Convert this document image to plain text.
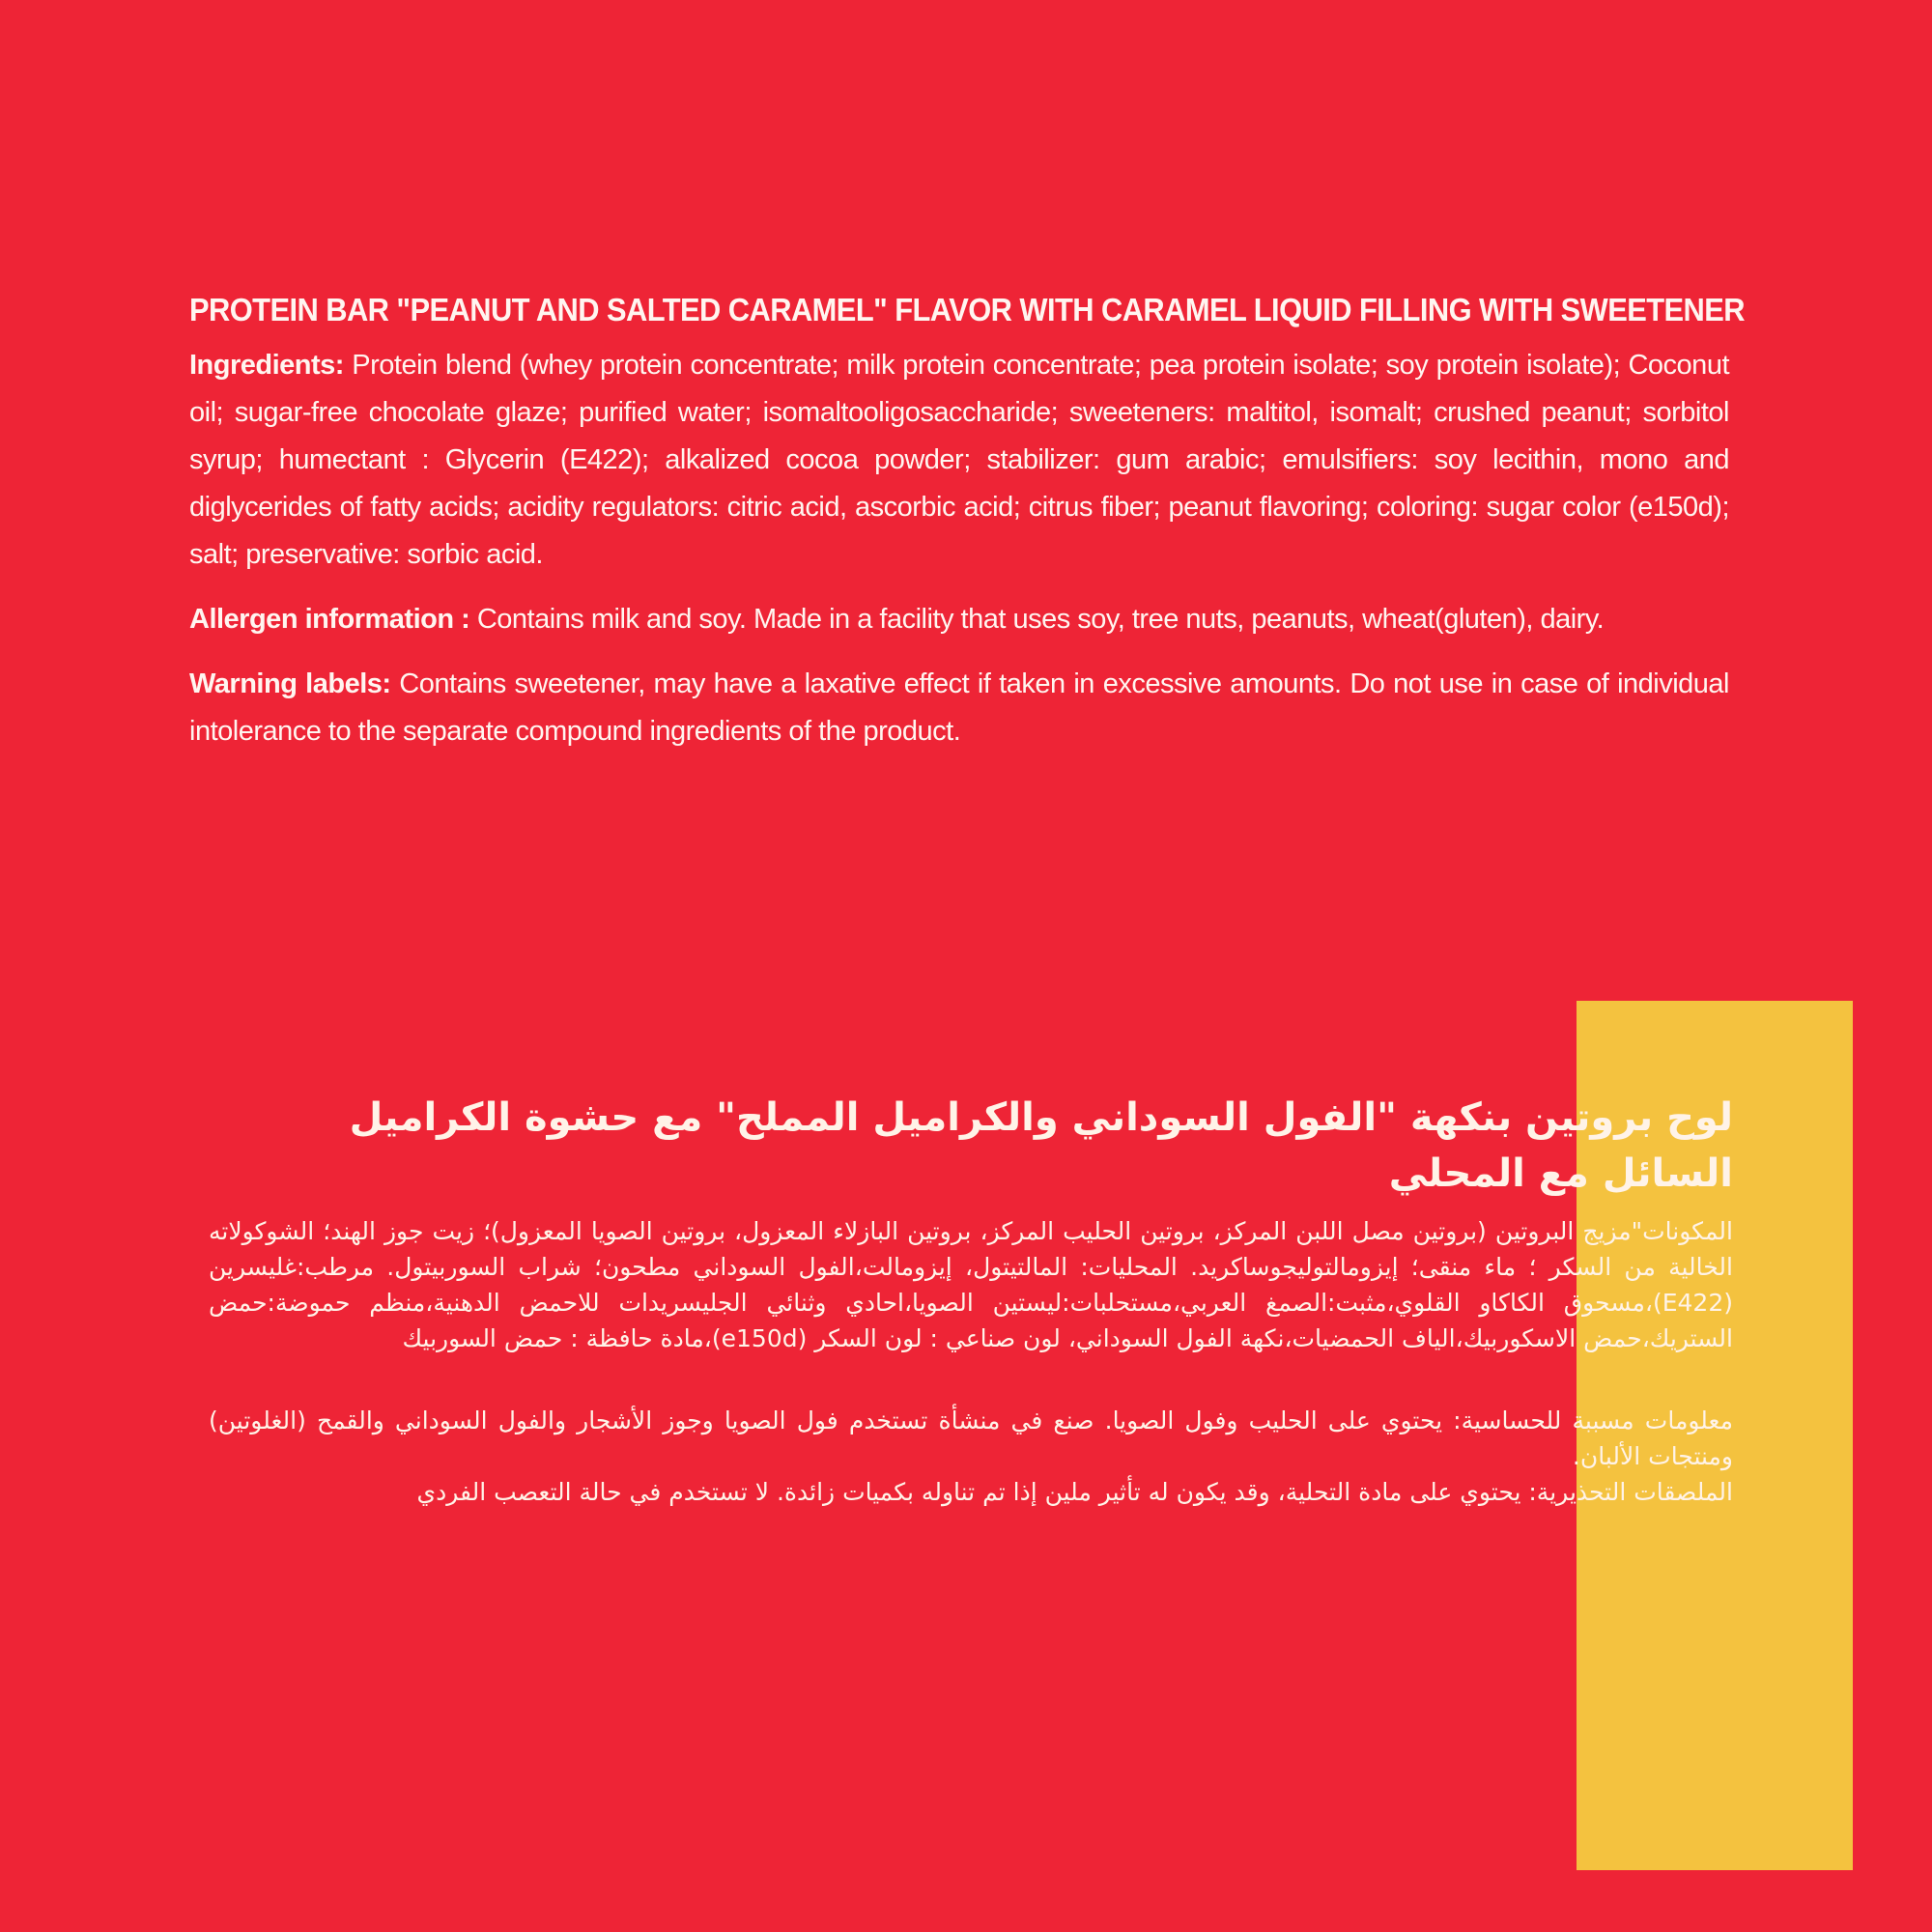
PROTEIN BAR "PEANUT AND SALTED CARAMEL" FLAVOR WITH CARAMEL LIQUID FILLING WITH SWEETENER

Ingredients: Protein blend (whey protein concentrate; milk protein concentrate; pea protein isolate; soy protein isolate); Coconut oil; sugar-free chocolate glaze; purified water; isomaltooligosaccharide; sweeteners: maltitol, isomalt; crushed peanut; sorbitol syrup; humectant : Glycerin (E422); alkalized cocoa powder; stabilizer: gum arabic; emulsifiers: soy lecithin, mono and diglycerides of fatty acids; acidity regulators: citric acid, ascorbic acid; citrus fiber; peanut flavoring; coloring: sugar color (e150d); salt; preservative: sorbic acid.

Allergen information : Contains milk and soy. Made in a facility that uses soy, tree nuts, peanuts, wheat(gluten), dairy.

Warning labels: Contains sweetener, may have a laxative effect if taken in excessive amounts. Do not use in case of individual intolerance to the separate compound ingredients of the product.

لوح بروتين بنكهة "الفول السوداني والكراميل المملح" مع حشوة الكراميل السائل مع المحلي

المكونات"مزيج البروتين (بروتين مصل اللبن المركز، بروتين الحليب المركز، بروتين البازلاء المعزول، بروتين الصويا المعزول)؛ زيت جوز الهند؛ الشوكولاته الخالية من السكر ؛ ماء منقى؛ إيزومالتوليجوساكريد. المحليات: المالتيتول، إيزومالت،الفول السوداني مطحون؛ شراب السوربيتول. مرطب:غليسرين (E422)،مسحوق الكاكاو القلوي،مثبت:الصمغ العربي،مستحلبات:ليستين الصويا،احادي وثنائي الجليسريدات للاحمض الدهنية،منظم حموضة:حمض الستريك،حمض الاسكوربيك،الياف الحمضيات،نكهة الفول السوداني، لون صناعي : لون السكر (e150d)،مادة حافظة : حمض السوربيك

معلومات مسببة للحساسية: يحتوي على الحليب وفول الصويا. صنع في منشأة تستخدم فول الصويا وجوز الأشجار والفول السوداني والقمح (الغلوتين) ومنتجات الألبان.

الملصقات التحذيرية: يحتوي على مادة التحلية، وقد يكون له تأثير ملين إذا تم تناوله بكميات زائدة. لا تستخدم في حالة التعصب الفردي
